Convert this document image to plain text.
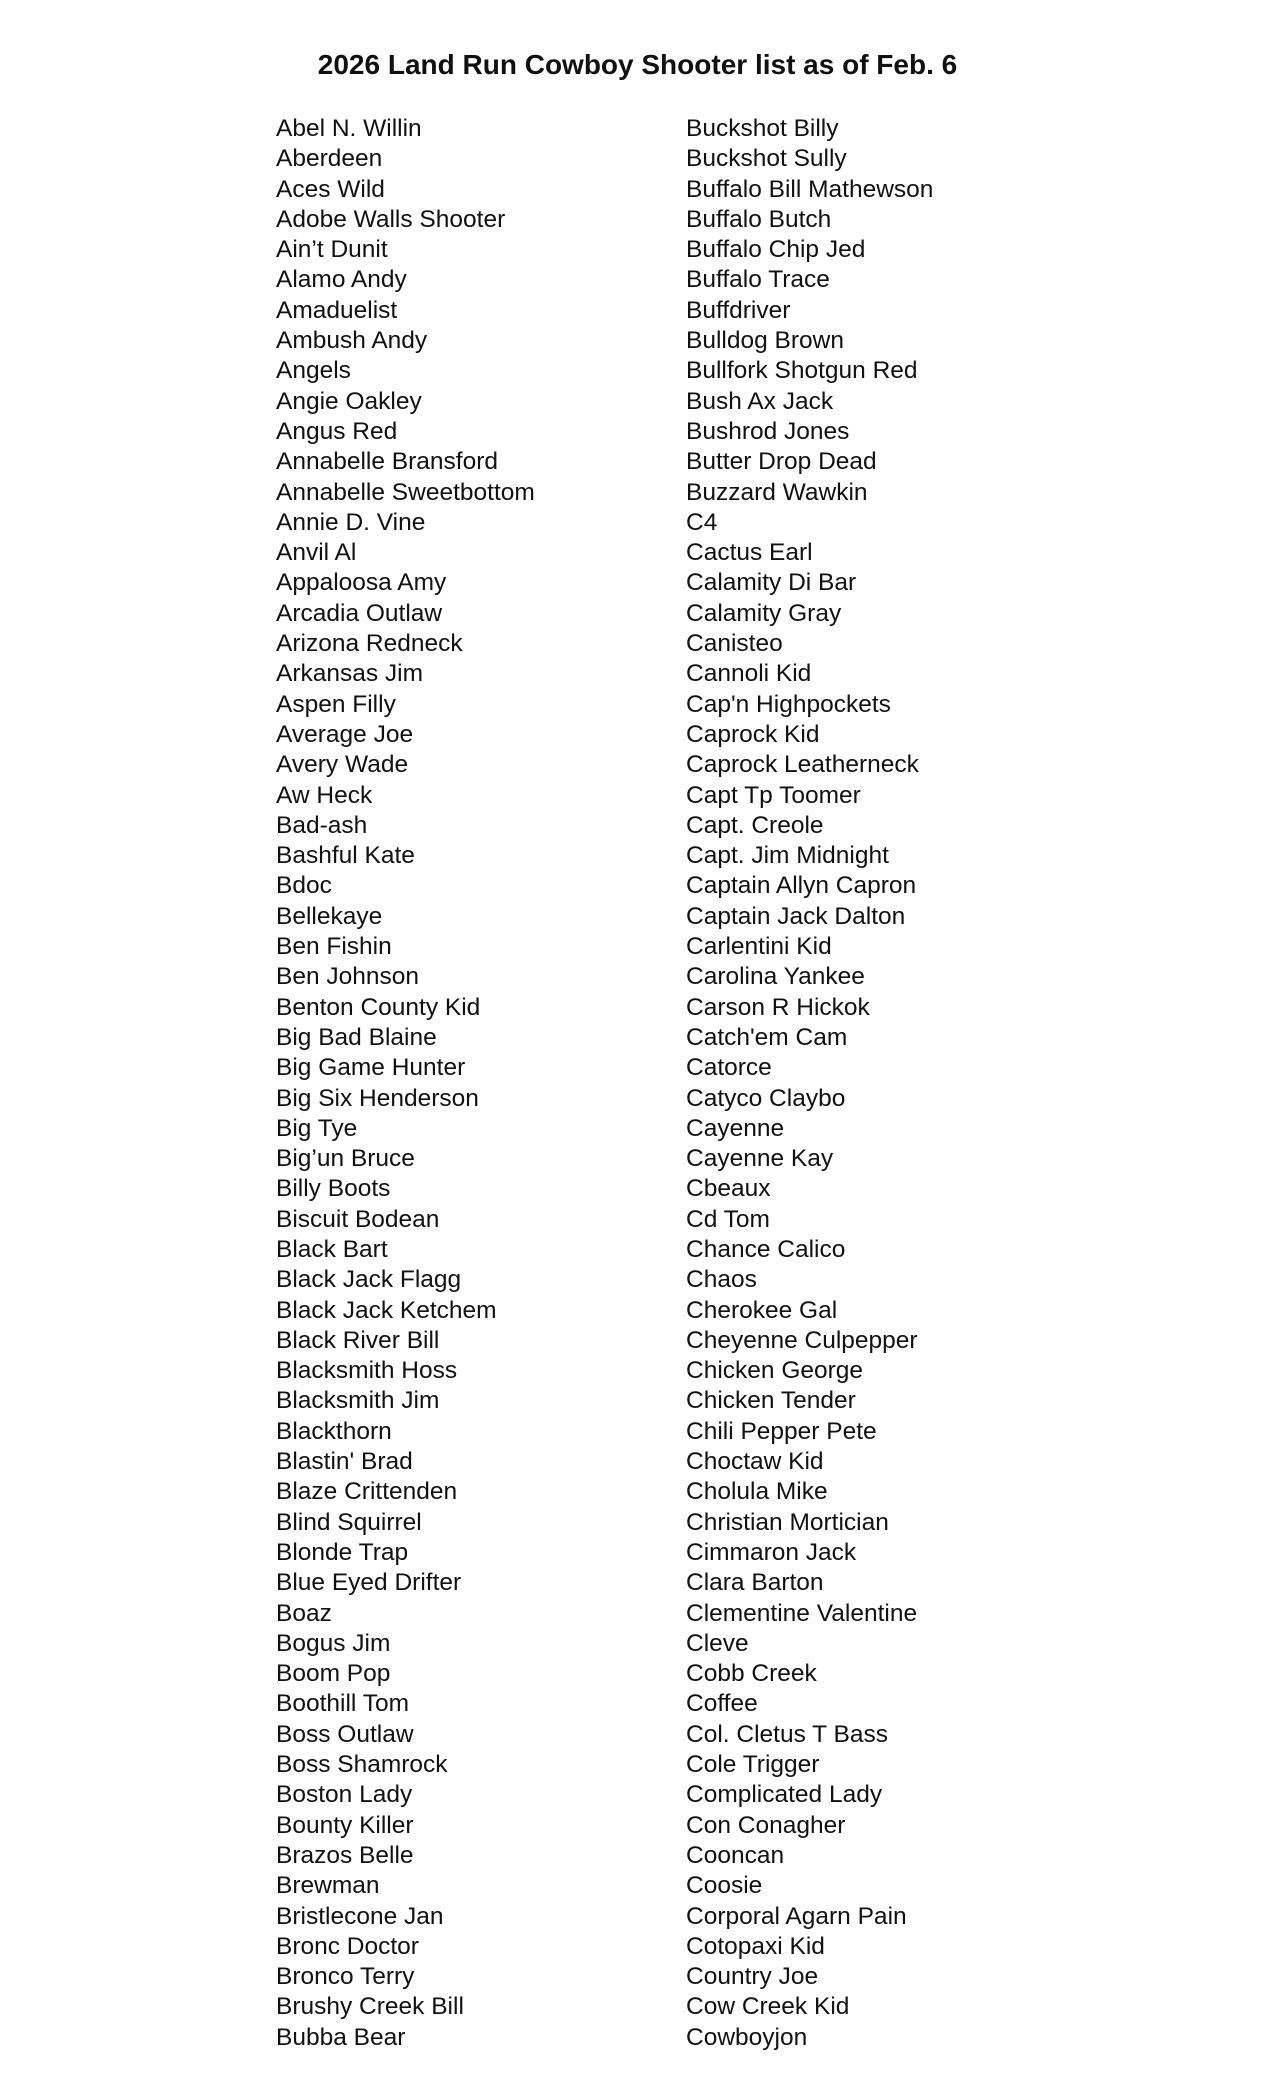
2026 Land Run Cowboy Shooter list as of Feb. 6
Abel N. Willin
Aberdeen
Aces Wild
Adobe Walls Shooter
Ain’t Dunit
Alamo Andy
Amaduelist
Ambush Andy
Angels
Angie Oakley
Angus Red
Annabelle Bransford
Annabelle Sweetbottom
Annie D. Vine
Anvil Al
Appaloosa Amy
Arcadia Outlaw
Arizona Redneck
Arkansas Jim
Aspen Filly
Average Joe
Avery Wade
Aw Heck
Bad-ash
Bashful Kate
Bdoc
Bellekaye
Ben Fishin
Ben Johnson
Benton County Kid
Big Bad Blaine
Big Game Hunter
Big Six Henderson
Big Tye
Big’un Bruce
Billy Boots
Biscuit Bodean
Black Bart
Black Jack Flagg
Black Jack Ketchem
Black River Bill
Blacksmith Hoss
Blacksmith Jim
Blackthorn
Blastin' Brad
Blaze Crittenden
Blind Squirrel
Blonde Trap
Blue Eyed Drifter
Boaz
Bogus Jim
Boom Pop
Boothill Tom
Boss Outlaw
Boss Shamrock
Boston Lady
Bounty Killer
Brazos Belle
Brewman
Bristlecone Jan
Bronc Doctor
Bronco Terry
Brushy Creek Bill
Bubba Bear
Buckshot Billy
Buckshot Sully
Buffalo Bill Mathewson
Buffalo Butch
Buffalo Chip Jed
Buffalo Trace
Buffdriver
Bulldog Brown
Bullfork Shotgun Red
Bush Ax Jack
Bushrod Jones
Butter Drop Dead
Buzzard Wawkin
C4
Cactus Earl
Calamity Di Bar
Calamity Gray
Canisteo
Cannoli Kid
Cap'n Highpockets
Caprock Kid
Caprock Leatherneck
Capt Tp Toomer
Capt. Creole
Capt. Jim Midnight
Captain Allyn Capron
Captain Jack Dalton
Carlentini Kid
Carolina Yankee
Carson R Hickok
Catch'em Cam
Catorce
Catyco Claybo
Cayenne
Cayenne Kay
Cbeaux
Cd Tom
Chance Calico
Chaos
Cherokee Gal
Cheyenne Culpepper
Chicken George
Chicken Tender
Chili Pepper Pete
Choctaw Kid
Cholula Mike
Christian Mortician
Cimmaron Jack
Clara Barton
Clementine Valentine
Cleve
Cobb Creek
Coffee
Col. Cletus T Bass
Cole Trigger
Complicated Lady
Con Conagher
Cooncan
Coosie
Corporal Agarn Pain
Cotopaxi Kid
Country Joe
Cow Creek Kid
Cowboyjon
